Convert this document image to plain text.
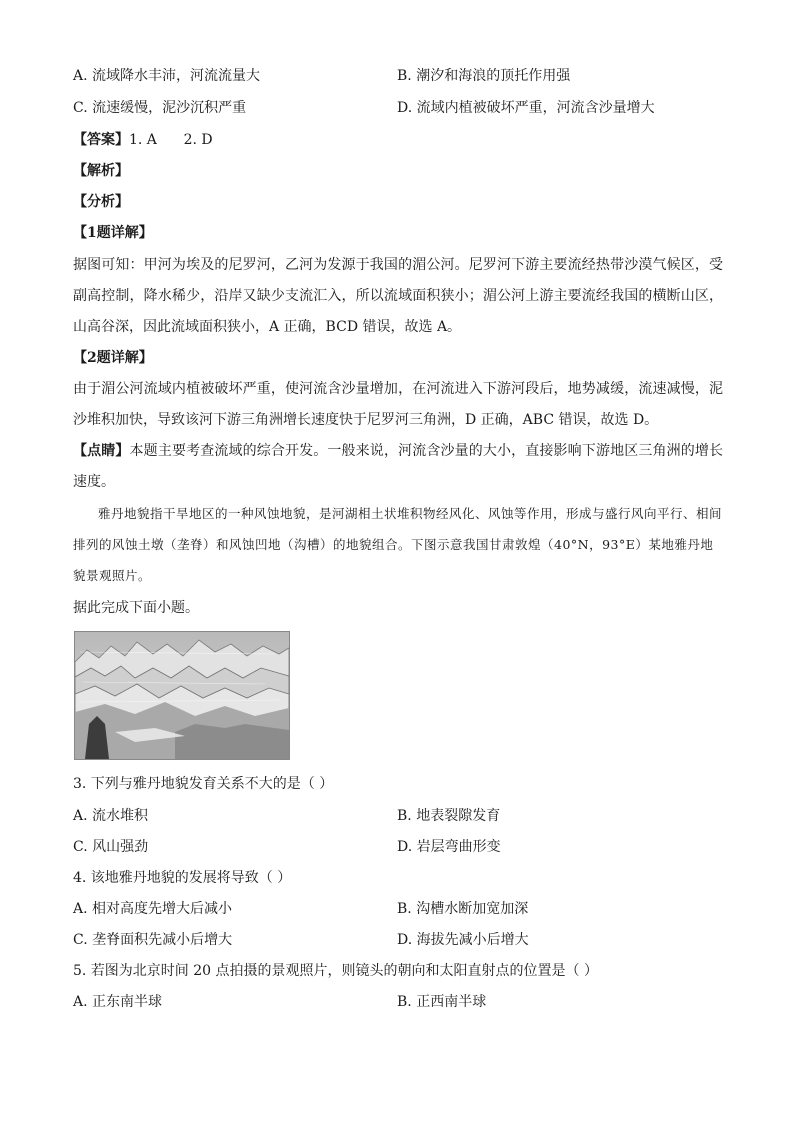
A. 流域降水丰沛，河流流量大	B. 潮汐和海浪的顶托作用强
C. 流速缓慢，泥沙沉积严重	D. 流域内植被破坏严重，河流含沙量增大
【答案】1. A      2. D
【解析】
【分析】
【1题详解】
据图可知：甲河为埃及的尼罗河，乙河为发源于我国的湄公河。尼罗河下游主要流经热带沙漠气候区，受副高控制，降水稀少，沿岸又缺少支流汇入，所以流域面积狭小；湄公河上游主要流经我国的横断山区，山高谷深，因此流域面积狭小，A 正确，BCD 错误，故选 A。
【2题详解】
由于湄公河流域内植被破坏严重，使河流含沙量增加，在河流进入下游河段后，地势减缓，流速减慢，泥沙堆积加快，导致该河下游三角洲增长速度快于尼罗河三角洲，D 正确，ABC 错误，故选 D。
【点睛】本题主要考查流域的综合开发。一般来说，河流含沙量的大小，直接影响下游地区三角洲的增长速度。
雅丹地貌指干旱地区的一种风蚀地貌，是河湖相土状堆积物经风化、风蚀等作用，形成与盛行风向平行、相间排列的风蚀土墩（垄脊）和风蚀凹地（沟槽）的地貌组合。下图示意我国甘肃敦煌（40°N，93°E）某地雅丹地貌景观照片。
据此完成下面小题。
3. 下列与雅丹地貌发育关系不大的是（ ）
A. 流水堆积	B. 地表裂隙发育
C. 风山强劲	D. 岩层弯曲形变
4. 该地雅丹地貌的发展将导致（ ）
A. 相对高度先增大后减小	B. 沟槽水断加宽加深
C. 垄脊面积先减小后增大	D. 海拔先减小后增大
5. 若图为北京时间 20 点拍摄的景观照片，则镜头的朝向和太阳直射点的位置是（ ）
A. 正东南半球	B. 正西南半球
